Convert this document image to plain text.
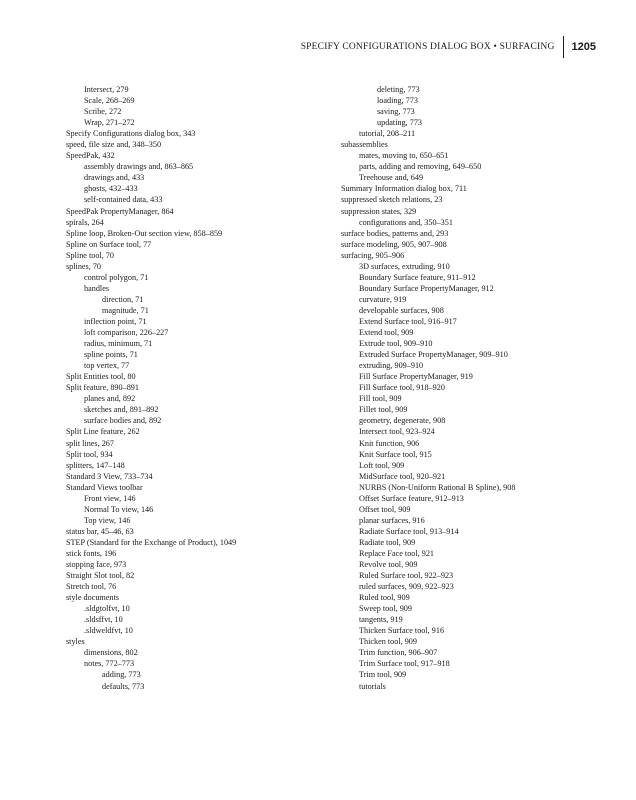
SPECIFY CONFIGURATIONS DIALOG BOX • SURFACING 1205
Intersect, 279
Scale, 268–269
Scribe, 272
Wrap, 271–272
Specify Configurations dialog box, 343
speed, file size and, 348–350
SpeedPak, 432
assembly drawings and, 863–865
drawings and, 433
ghosts, 432–433
self-contained data, 433
SpeedPak PropertyManager, 864
spirals, 264
Spline loop, Broken-Out section view, 858–859
Spline on Surface tool, 77
Spline tool, 70
splines, 70
control polygon, 71
handles
direction, 71
magnitude, 71
inflection point, 71
loft comparison, 226–227
radius, minimum, 71
spline points, 71
top vertex, 77
Split Entities tool, 80
Split feature, 890–891
planes and, 892
sketches and, 891–892
surface bodies and, 892
Split Line feature, 262
split lines, 267
Split tool, 934
splitters, 147–148
Standard 3 View, 733–734
Standard Views toolbar
Front view, 146
Normal To view, 146
Top view, 146
status bar, 45–46, 63
STEP (Standard for the Exchange of Product), 1049
stick fonts, 196
stopping face, 973
Straight Slot tool, 82
Stretch tool, 76
style documents
.sldgtolfvt, 10
.sldsffvt, 10
.sldweldfvt, 10
styles
dimensions, 802
notes, 772–773
adding, 773
defaults, 773
deleting, 773
loading, 773
saving, 773
updating, 773
tutorial, 208–211
subassemblies
mates, moving to, 650–651
parts, adding and removing, 649–650
Treehouse and, 649
Summary Information dialog box, 711
suppressed sketch relations, 23
suppression states, 329
configurations and, 350–351
surface bodies, patterns and, 293
surface modeling, 905, 907–908
surfacing, 905–906
3D surfaces, extruding, 910
Boundary Surface feature, 911–912
Boundary Surface PropertyManager, 912
curvature, 919
developable surfaces, 908
Extend Surface tool, 916–917
Extend tool, 909
Extrude tool, 909–910
Extruded Surface PropertyManager, 909–910
extruding, 909–910
Fill Surface PropertyManager, 919
Fill Surface tool, 918–920
Fill tool, 909
Fillet tool, 909
geometry, degenerate, 908
Intersect tool, 923–924
Knit function, 906
Knit Surface tool, 915
Loft tool, 909
MidSurface tool, 920–921
NURBS (Non-Uniform Rational B Spline), 908
Offset Surface feature, 912–913
Offset tool, 909
planar surfaces, 916
Radiate Surface tool, 913–914
Radiate tool, 909
Replace Face tool, 921
Revolve tool, 909
Ruled Surface tool, 922–923
ruled surfaces, 909, 922–923
Ruled tool, 909
Sweep tool, 909
tangents, 919
Thicken Surface tool, 916
Thicken tool, 909
Trim function, 906–907
Trim Surface tool, 917–918
Trim tool, 909
tutorials
